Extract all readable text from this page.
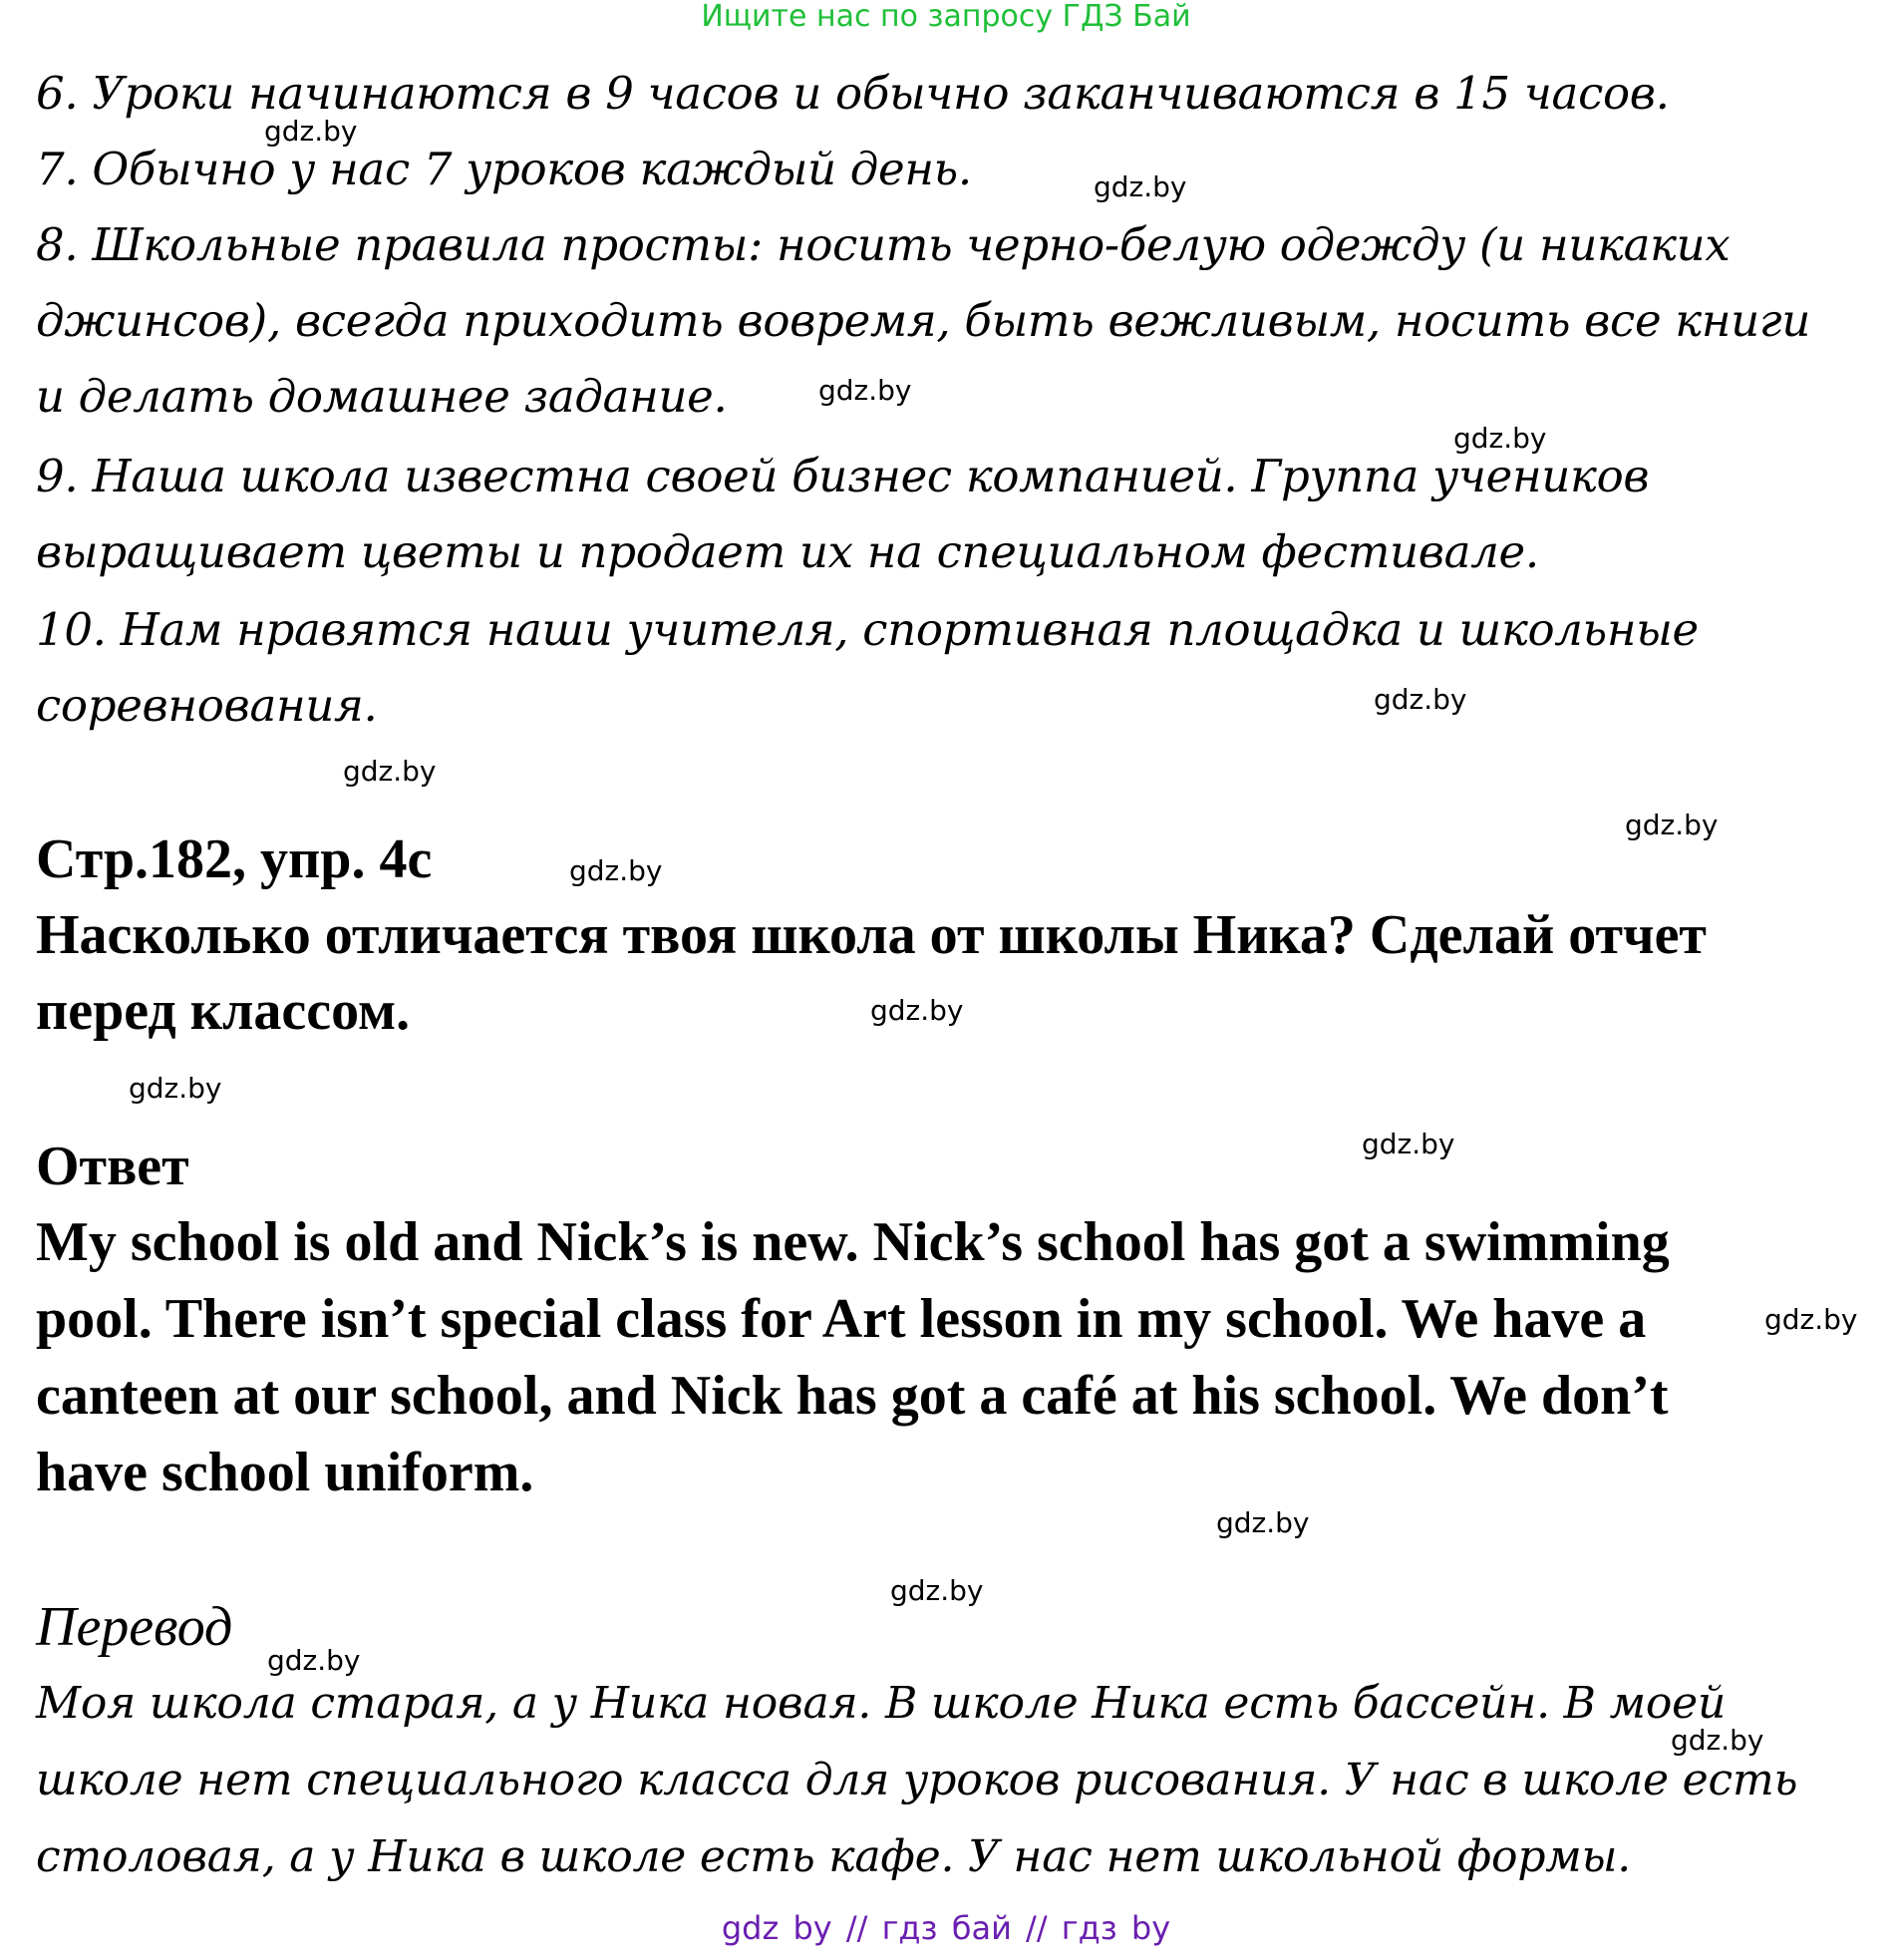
Ищите нас по запросу ГДЗ Бай
6. Уроки начинаются в 9 часов и обычно заканчиваются в 15 часов.
7. Обычно у нас 7 уроков каждый день.
8. Школьные правила просты: носить черно-белую одежду (и никаких
джинсов), всегда приходить вовремя, быть вежливым, носить все книги
и делать домашнее задание.
9. Наша школа известна своей бизнес компанией. Группа учеников
выращивает цветы и продает их на специальном фестивале.
10. Нам нравятся наши учителя, спортивная площадка и школьные
соревнования.
Стр.182, упр. 4c
Насколько отличается твоя школа от школы Ника? Сделай отчет
перед классом.
Ответ
My school is old and Nick’s is new. Nick’s school has got a swimming
pool. There isn’t special class for Art lesson in my school. We have a
canteen at our school, and Nick has got a café at his school. We don’t
have school uniform.
Перевод
Моя школа старая, а у Ника новая. В школе Ника есть бассейн. В моей
школе нет специального класса для уроков рисования. У нас в школе есть
столовая, а у Ника в школе есть кафе. У нас нет школьной формы.
gdz.by
gdz.by
gdz.by
gdz.by
gdz.by
gdz.by
gdz.by
gdz.by
gdz.by
gdz.by
gdz.by
gdz.by
gdz.by
gdz.by
gdz.by
gdz.by
gdz by // гдз бай // гдз by
